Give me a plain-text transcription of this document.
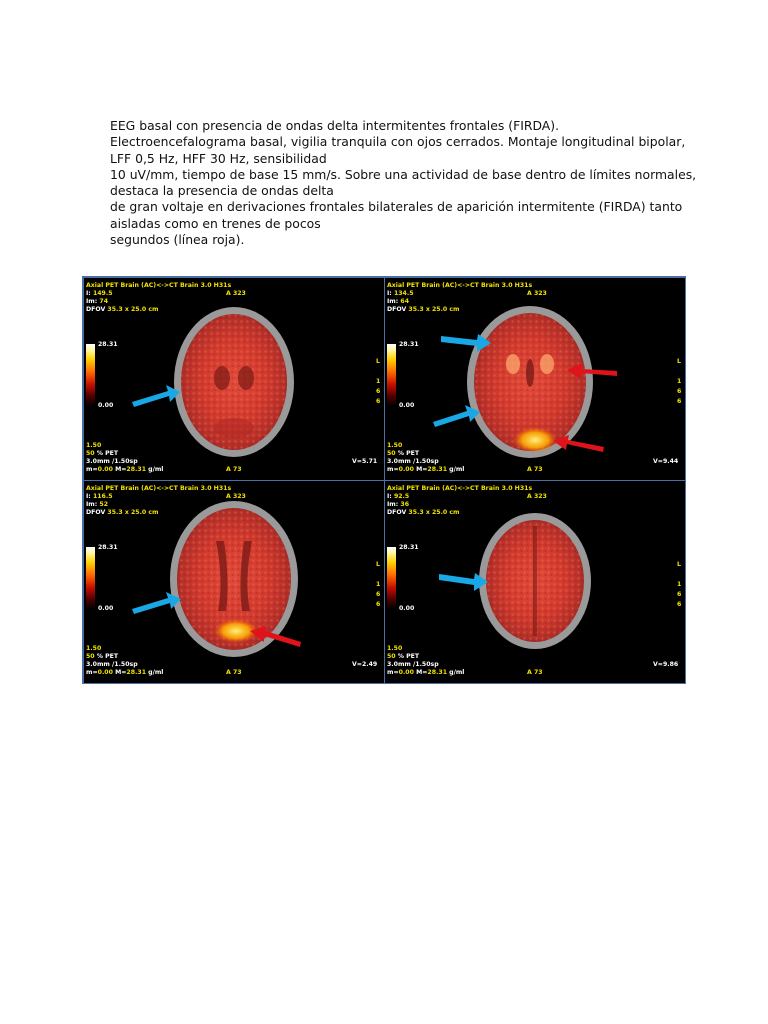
EEG basal con presencia de ondas delta intermitentes frontales (FIRDA).
Electroencefalograma basal, vigilia tranquila con ojos cerrados. Montaje longitudinal bipolar,
LFF 0,5 Hz, HFF 30 Hz, sensibilidad
10 uV/mm, tiempo de base 15 mm/s. Sobre una actividad de base dentro de límites normales,
destaca la presencia de ondas delta
de gran voltaje en derivaciones frontales bilaterales de aparición intermitente (FIRDA) tanto
aisladas como en trenes de pocos
segundos (línea roja).
Axial PET Brain (AC)<->CT Brain 3.0 H31s
I: 149.5	A 323
Im: 74
DFOV 35.3 x 25.0 cm
28.31
0.00
L
1
6
6
1.50
50 % PET
3.0mm /1.50sp
m=0.00 M=28.31 g/ml	A 73
V=5.71
Axial PET Brain (AC)<->CT Brain 3.0 H31s
I: 134.5	A 323
Im: 64
DFOV 35.3 x 25.0 cm
28.31
0.00
L
1
6
6
1.50
50 % PET
3.0mm /1.50sp
m=0.00 M=28.31 g/ml	A 73
V=9.44
Axial PET Brain (AC)<->CT Brain 3.0 H31s
I: 116.5	A 323
Im: 52
DFOV 35.3 x 25.0 cm
28.31
0.00
L
1
6
6
1.50
50 % PET
3.0mm /1.50sp
m=0.00 M=28.31 g/ml	A 73
V=2.49
Axial PET Brain (AC)<->CT Brain 3.0 H31s
I: 92.5	A 323
Im: 36
DFOV 35.3 x 25.0 cm
28.31
0.00
L
1
6
6
1.50
50 % PET
3.0mm /1.50sp
m=0.00 M=28.31 g/ml	A 73
V=9.86
